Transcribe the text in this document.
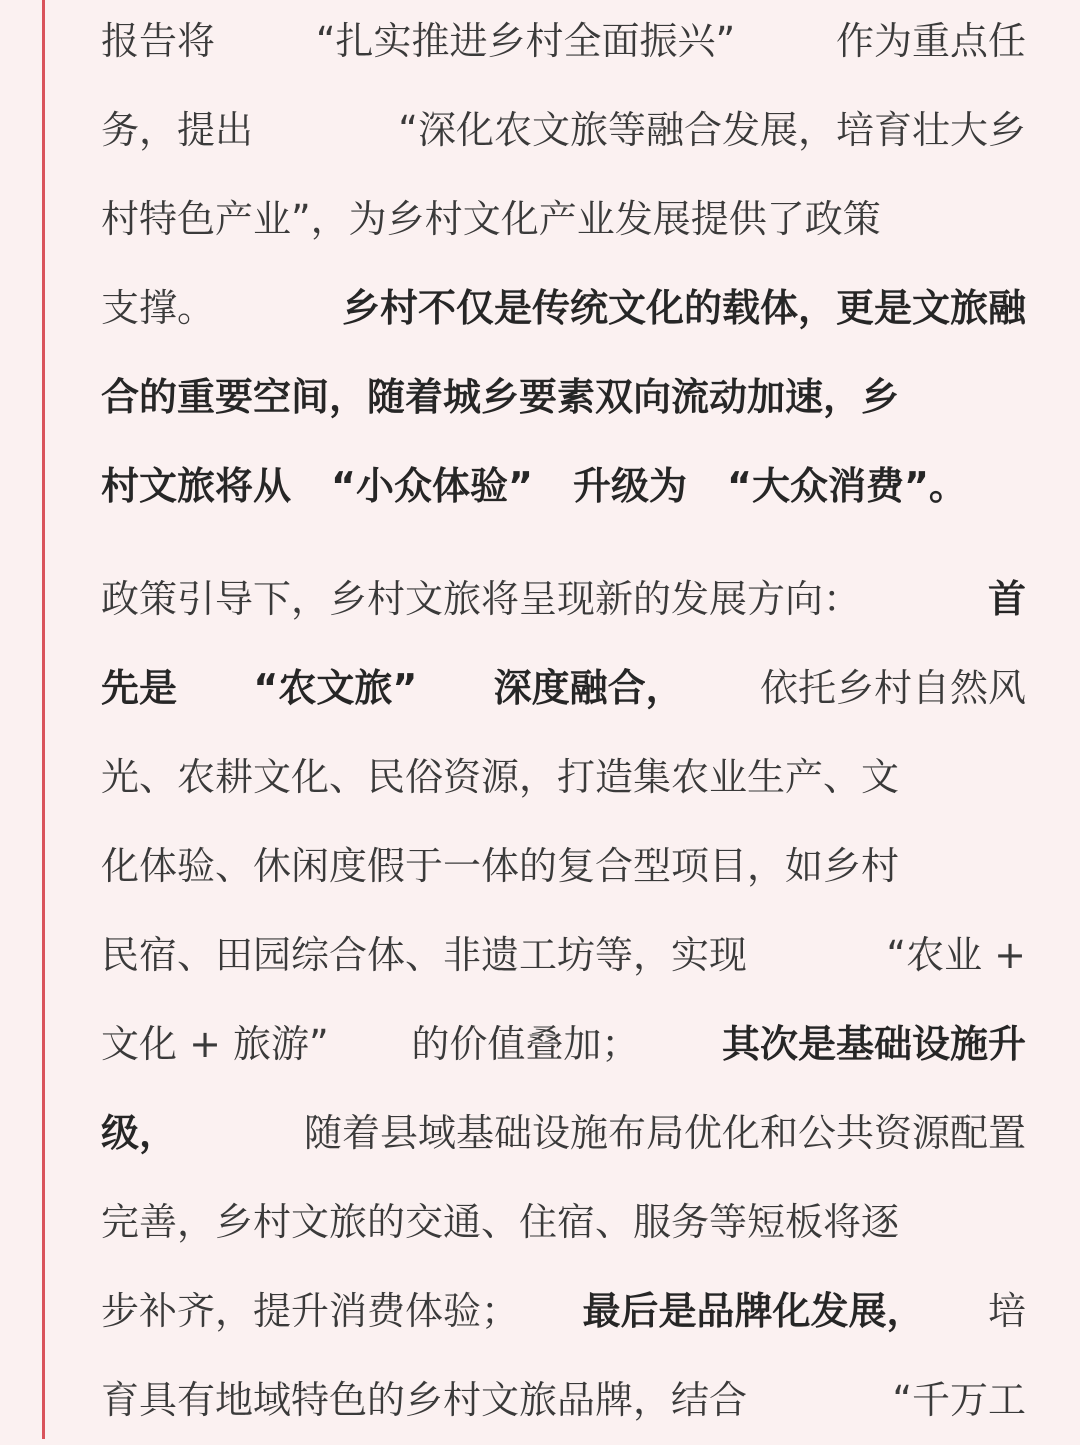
报告将	“扎实推进乡村全面振兴”	作为重点任
务，提出	“深化农文旅等融合发展，培育壮大乡
村特色产业”，为乡村文化产业发展提供了政策
支撑。	乡村不仅是传统文化的载体，更是文旅融
合的重要空间，随着城乡要素双向流动加速，乡
村文旅将从 “小众体验” 升级为 “大众消费”。
政策引导下，乡村文旅将呈现新的发展方向：	首
先是 “农文旅” 深度融合， 依托乡村自然风
光、农耕文化、民俗资源，打造集农业生产、文
化体验、休闲度假于一体的复合型项目，如乡村
民宿、田园综合体、非遗工坊等，实现	“农业 +
文化 + 旅游” 的价值叠加； 其次是基础设施升
级，	随着县域基础设施布局优化和公共资源配置
完善，乡村文旅的交通、住宿、服务等短板将逐
步补齐，提升消费体验； 最后是品牌化发展， 培
育具有地域特色的乡村文旅品牌，结合	“千万工
